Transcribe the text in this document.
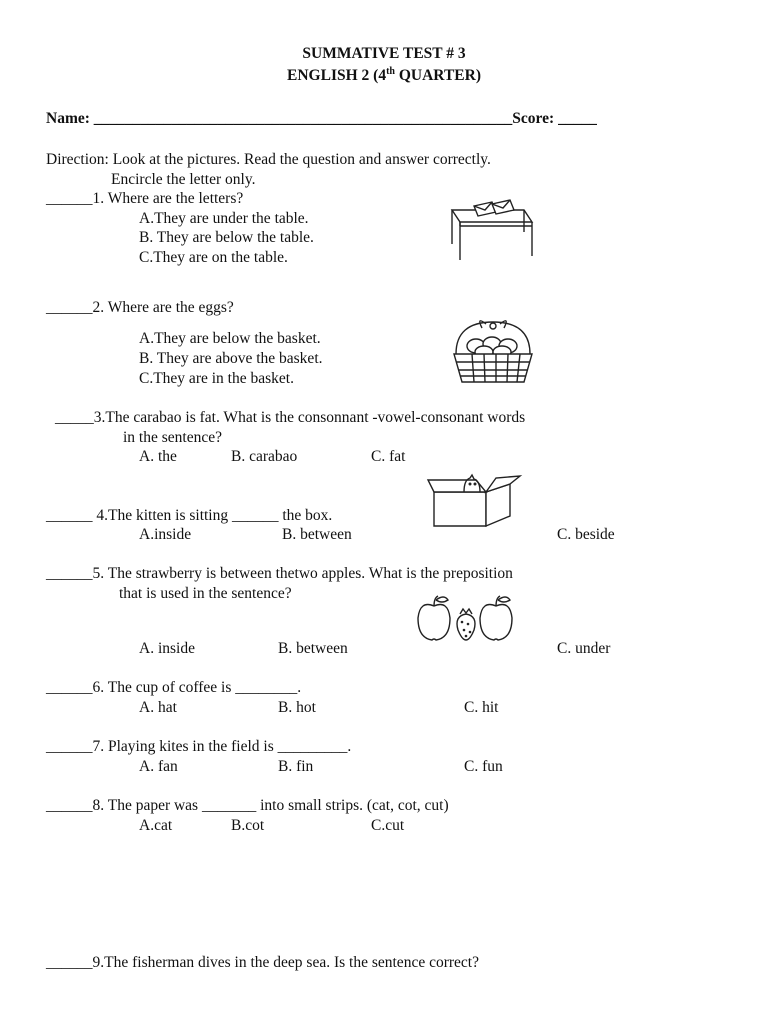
SUMMATIVE TEST # 3
ENGLISH 2 (4th QUARTER)
Name: ______________________________________________________Score: _____
Direction: Look at the pictures. Read the question and answer correctly.
Encircle the letter only.
______1. Where are the letters?
A.They are under the table.
B. They are below the table.
C.They are on the table.
______2. Where are the eggs?
A.They are below the basket.
B. They are above the basket.
C.They are in the basket.
_____3.The carabao is fat. What is the consonnant -vowel-consonant words
in the sentence?
A. the	B. carabao	C. fat
______ 4.The kitten is sitting ______ the box.
A.inside	B. between	C. beside
______5. The strawberry is between thetwo apples. What is the preposition
that is used in the sentence?
A. inside	B. between	C. under
______6. The cup of coffee is ________.
A. hat	B. hot	C. hit
______7. Playing kites in the field is _________.
A. fan	B. fin	C. fun
______8. The paper was _______ into small strips. (cat, cot, cut)
A.cat	B.cot	C.cut
______9.The fisherman dives in the deep sea. Is the sentence correct?
